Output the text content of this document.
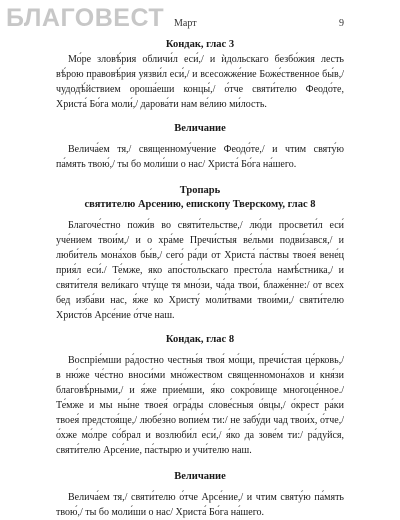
БЛАГОВЕСТ Март	9
Кондак, глас 3

Мо́ре зловѣ́рия обличи́л еси́,/ и ѝдольскаго безбо́жия лесть вѣ́рою правовѣ́рия уязви́л еси́,/ и всесожже́ние Боже́ственное бы́в,/ чудодѣ́йствием ороша́еши концы́,/ о́тче святи́телю Феодо́те, Христа́ Бо́га моли́,/ дарова́ти нам ве́лию ми́лость.

Величание

Велича́ем тя,/ священному́чение Феодо́те,/ и чтим святу́ю па́мять твою́,/ ты бо моли́ши о нас/ Христа́ Бо́га на́шего.

Тропарь
святителю Арсению, епископу Тверскому, глас 8

Благоче́стно пожи́в во святи́тельстве,/ лю́ди просвети́л еси́ уче́нием твои́м,/ и о хра́ме Пречи́стыя ве́льми подви́зався,/ и люби́тель мона́хов бы́в,/ сего́ ра́ди от Христа́ па́ствы твоея́ вене́ц прия́л еси́./ Те́мже, яко апо́стольскаго престо́ла намѣ́стника,/ и святи́теля вели́каго чту́ще тя мно́зи, ча́да твои́, блаже́нне:/ от всех бед изба́ви нас, я́же ко Христу́ моли́твами твои́ми,/ святи́телю Христо́в Арсе́ние о́тче наш.

Кондак, глас 8

Воспріе́мши ра́достно честны́я твоя́ мо́щи, пречи́стая це́рковь,/ в ню́же че́стно вноси́ми мно́жеством священномона́хов и кня́зи благовѣ́рными,/ и я́же прие́мши, я́ко сокро́вище многоце́нное./ Те́мже и мы ны́не твоея́ огра́ды слове́сныя о́вцы,/ о́крест ра́ки твоея́ предстоя́ще,/ любе́зно вопие́м ти:/ не забу́ди чад твои́х, о́тче,/ о́хже мо́лре со́брал и возлюби́л еси́,/ я́ко да зове́м ти:/ ра́дуйся, святи́телю Арсе́ние, па́стырю и учи́телю наш.

Величание

Велича́ем тя,/ святи́телю о́тче Арсе́ние,/ и чтим святу́ю па́мять твою́,/ ты бо моли́ши о нас/ Христа́ Бо́га на́шего.
